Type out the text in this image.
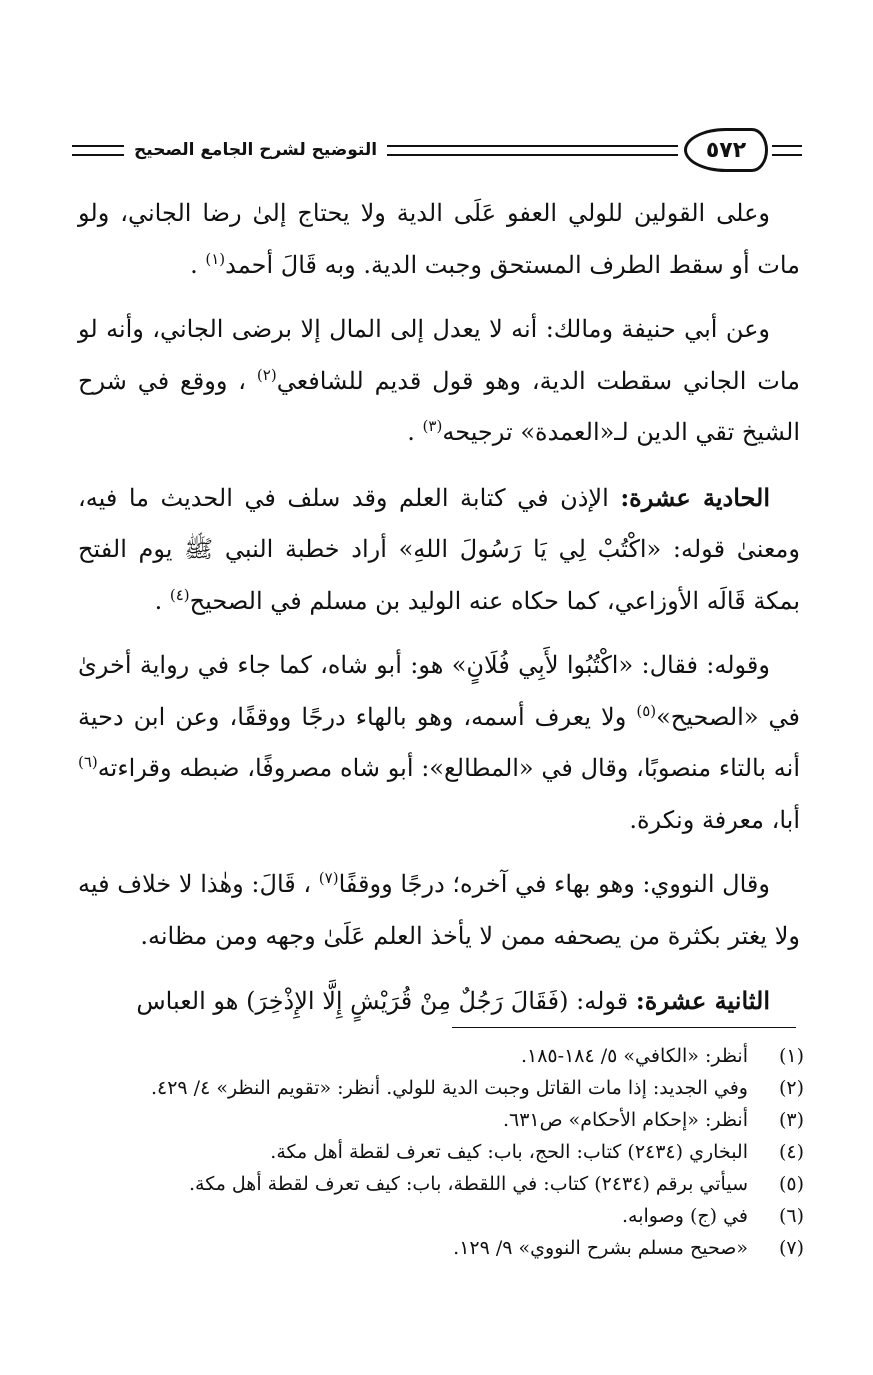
التوضيح لشرح الجامع الصحيح	٥٧٢

وعلى القولين للولي العفو عَلَى الدية ولا يحتاج إلىٰ رضا الجاني، ولو مات أو سقط الطرف المستحق وجبت الدية. وبه قَالَ أحمد$^{(١)}$ .

وعن أبي حنيفة ومالك: أنه لا يعدل إلى المال إلا برضى الجاني، وأنه لو مات الجاني سقطت الدية، وهو قول قديم للشافعي$^{(٢)}$ ، ووقع في شرح الشيخ تقي الدين لـ«العمدة» ترجيحه$^{(٣)}$ .

الحادية عشرة: الإذن في كتابة العلم وقد سلف في الحديث ما فيه، ومعنىٰ قوله: «اكْتُبْ لِي يَا رَسُولَ اللهِ» أراد خطبة النبي ﷺ يوم الفتح بمكة قَالَه الأوزاعي، كما حكاه عنه الوليد بن مسلم في الصحيح$^{(٤)}$ .

وقوله: فقال: «اكْتُبُوا لأَبِي فُلَانٍ» هو: أبو شاه، كما جاء في رواية أخرىٰ في «الصحيح»$^{(٥)}$ ولا يعرف أسمه، وهو بالهاء درجًا ووقفًا، وعن ابن دحية أنه بالتاء منصوبًا، وقال في «المطالع»: أبو شاه مصروفًا، ضبطه وقراءته$^{(٦)}$ أبا، معرفة ونكرة.

وقال النووي: وهو بهاء في آخره؛ درجًا ووقفًا$^{(٧)}$ ، قَالَ: وهٰذا لا خلاف فيه ولا يغتر بكثرة من يصحفه ممن لا يأخذ العلم عَلَىٰ وجهه ومن مظانه.

الثانية عشرة: قوله: (فَقَالَ رَجُلٌ مِنْ قُرَيْشٍ إِلَّا الإِذْخِرَ) هو العباس

(١)
أنظر: «الكافي» ٥/ ١٨٤-١٨٥.
(٢)
وفي الجديد: إذا مات القاتل وجبت الدية للولي. أنظر: «تقويم النظر» ٤/ ٤٢٩.
(٣)
أنظر: «إحكام الأحكام» ص٦٣١.
(٤)
البخاري (٢٤٣٤) كتاب: الحج، باب: كيف تعرف لقطة أهل مكة.
(٥)
سيأتي برقم (٢٤٣٤) كتاب: في اللقطة، باب: كيف تعرف لقطة أهل مكة.
(٦)
في (ج) وصوابه.
(٧)
«صحيح مسلم بشرح النووي» ٩/ ١٢٩.
